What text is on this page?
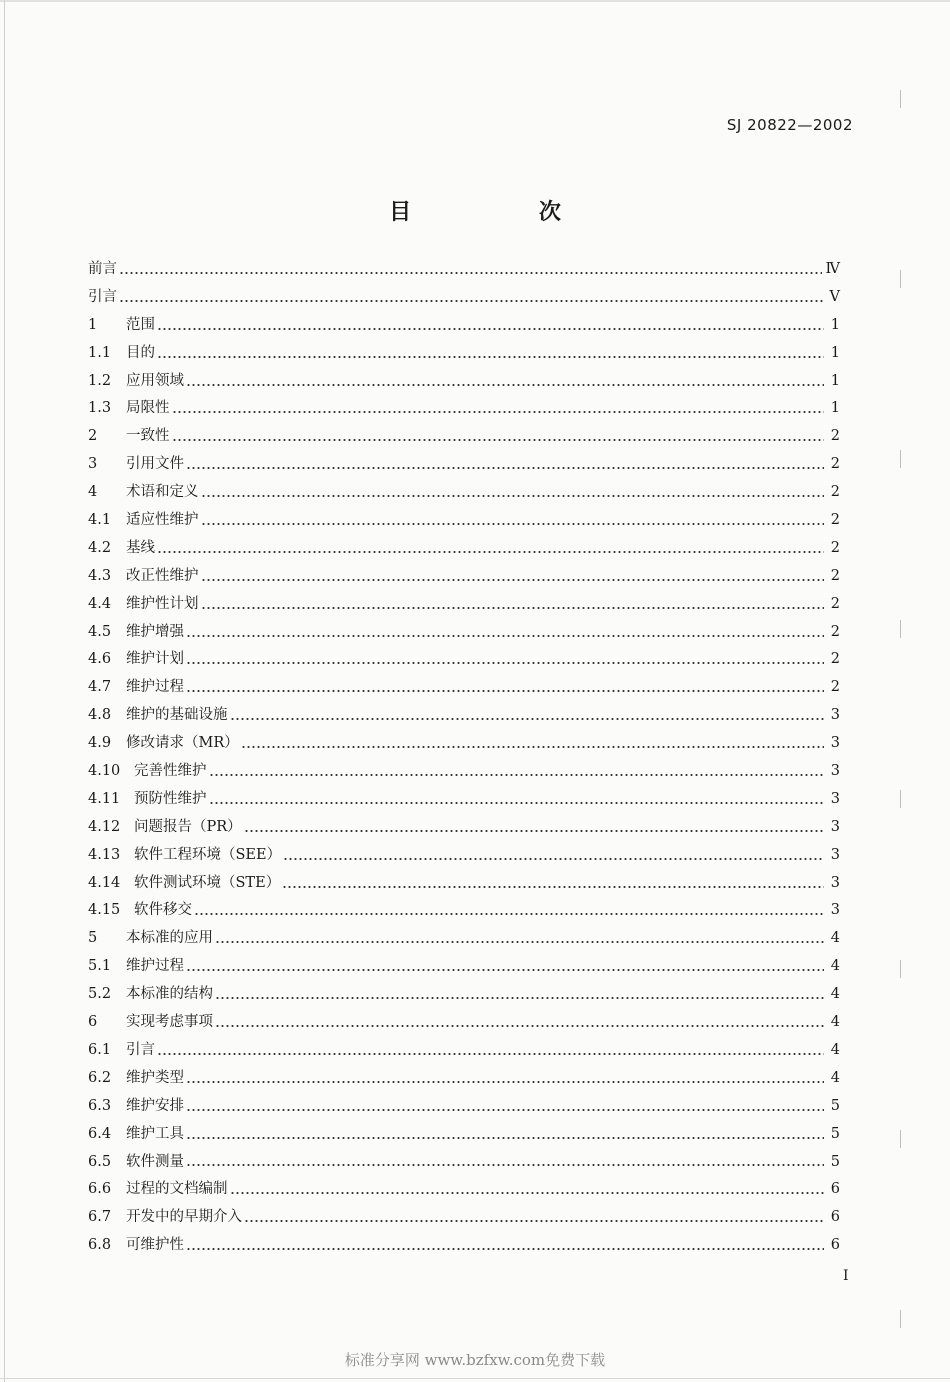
SJ 20822—2002
目 次
前言	Ⅳ
引言	Ⅴ
1	范围	1
1.1	目的	1
1.2	应用领域	1
1.3	局限性	1
2	一致性	2
3	引用文件	2
4	术语和定义	2
4.1	适应性维护	2
4.2	基线	2
4.3	改正性维护	2
4.4	维护性计划	2
4.5	维护增强	2
4.6	维护计划	2
4.7	维护过程	2
4.8	维护的基础设施	3
4.9	修改请求（MR）	3
4.10 完善性维护	3
4.11 预防性维护	3
4.12 问题报告（PR）	3
4.13 软件工程环境（SEE）	3
4.14 软件测试环境（STE）	3
4.15 软件移交	3
5	本标准的应用	4
5.1	维护过程	4
5.2	本标准的结构	4
6	实现考虑事项	4
6.1	引言	4
6.2	维护类型	4
6.3	维护安排	5
6.4	维护工具	5
6.5	软件测量	5
6.6	过程的文档编制	6
6.7	开发中的早期介入	6
6.8	可维护性	6
I
标准分享网 www.bzfxw.com免费下载
